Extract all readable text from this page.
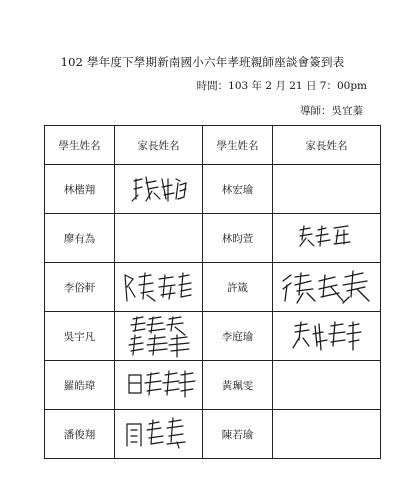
102 學年度下學期新南國小六年孝班親師座談會簽到表
時間：103 年 2 月 21 日 7：00pm
導師：吳宜蓁
學生姓名	家長姓名	學生姓名	家長姓名
林楷翔		林宏瑜	
廖有為		林昀萱	

李俗軒		許箴	

吳宇凡		李庭瑜	

羅皓瑋		黃珮雯	
潘俊翔		陳若瑜	
